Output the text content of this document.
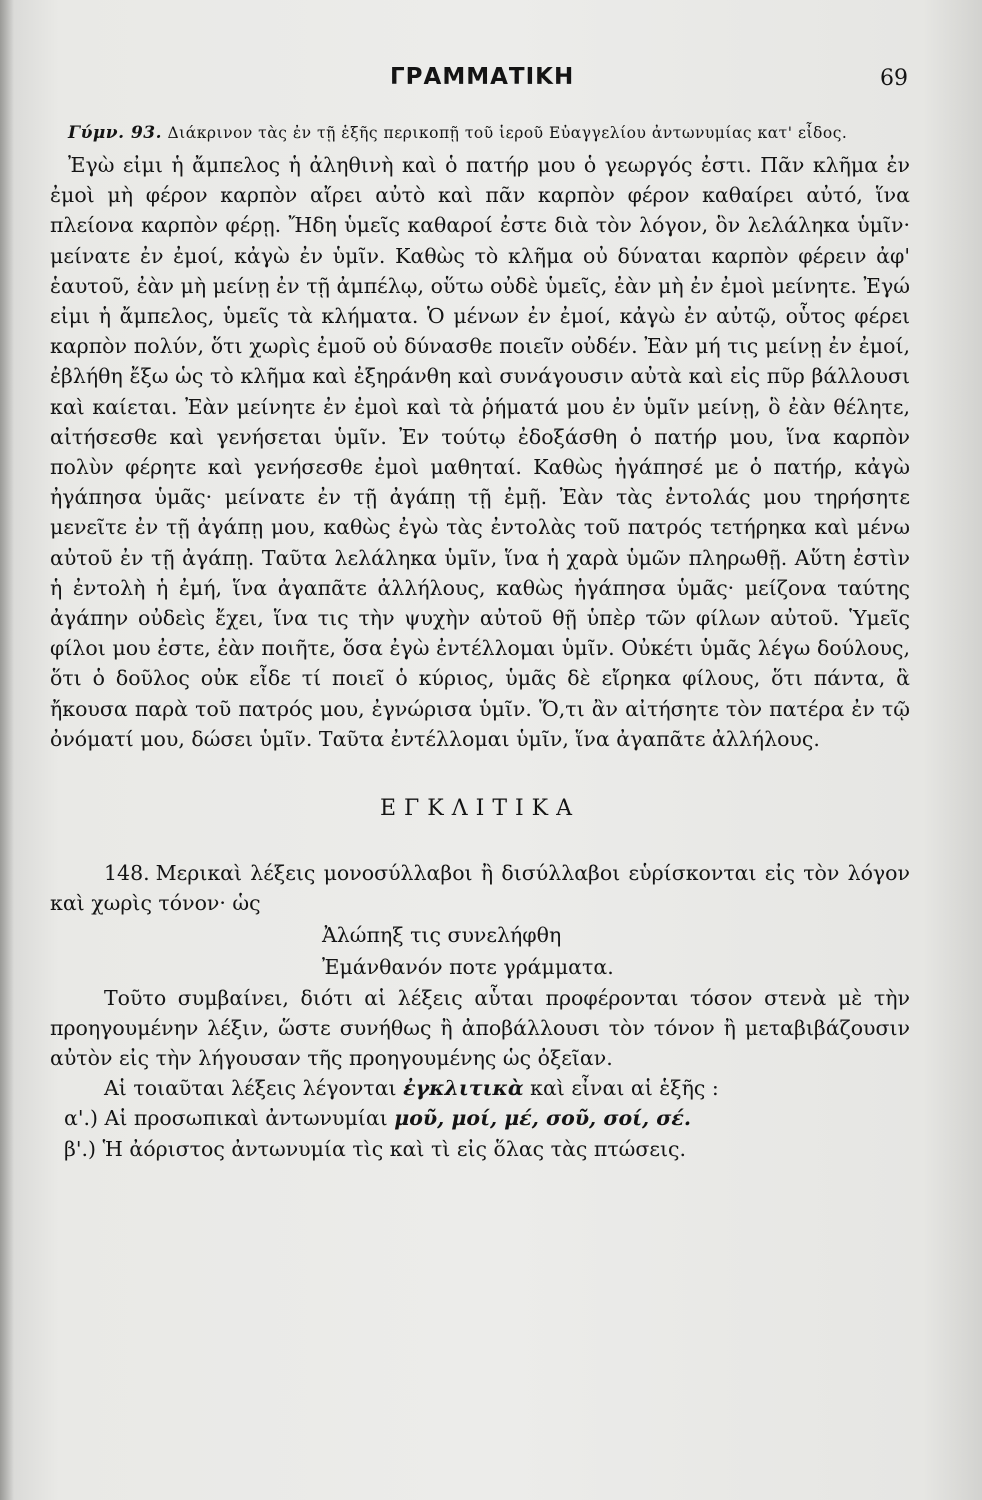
ΓΡΑΜΜΑΤΙΚΗ	69

Γύμν. 93. Διάκρινον τὰς ἐν τῇ ἑξῆς περικοπῇ τοῦ ἱεροῦ Εὐαγγελίου ἀντωνυμίας κατ' εἶδος.

Ἐγὼ εἰμι ἡ ἄμπελος ἡ ἀληθινὴ καὶ ὁ πατήρ μου ὁ γεωργός ἐστι. Πᾶν κλῆμα ἐν ἐμοὶ μὴ φέρον καρπὸν αἴρει αὐτὸ καὶ πᾶν καρπὸν φέρον καθαίρει αὐτό, ἵνα πλείονα καρπὸν φέρῃ. Ἤδη ὑμεῖς καθαροί ἐστε διὰ τὸν λόγον, ὃν λελάληκα ὑμῖν· μείνατε ἐν ἐμοί, κἀγὼ ἐν ὑμῖν. Καθὼς τὸ κλῆμα οὐ δύναται καρπὸν φέρειν ἀφ' ἑαυτοῦ, ἐὰν μὴ μείνῃ ἐν τῇ ἀμπέλῳ, οὕτω οὐδὲ ὑμεῖς, ἐὰν μὴ ἐν ἐμοὶ μείνητε. Ἐγώ εἰμι ἡ ἄμπελος, ὑμεῖς τὰ κλήματα. Ὁ μένων ἐν ἐμοί, κἀγὼ ἐν αὐτῷ, οὗτος φέρει καρπὸν πολύν, ὅτι χωρὶς ἐμοῦ οὐ δύνασθε ποιεῖν οὐδέν. Ἐὰν μή τις μείνῃ ἐν ἐμοί, ἐβλήθη ἔξω ὡς τὸ κλῆμα καὶ ἐξηράνθη καὶ συνάγουσιν αὐτὰ καὶ εἰς πῦρ βάλλουσι καὶ καίεται. Ἐὰν μείνητε ἐν ἐμοὶ καὶ τὰ ῥήματά μου ἐν ὑμῖν μείνῃ, ὃ ἐὰν θέλητε, αἰτήσεσθε καὶ γενήσεται ὑμῖν. Ἐν τούτῳ ἐδοξάσθη ὁ πατήρ μου, ἵνα καρπὸν πολὺν φέρητε καὶ γενήσεσθε ἐμοὶ μαθηταί. Καθὼς ἠγάπησέ με ὁ πατήρ, κἀγὼ ἠγάπησα ὑμᾶς· μείνατε ἐν τῇ ἀγάπῃ τῇ ἐμῇ. Ἐὰν τὰς ἐντολάς μου τηρήσητε μενεῖτε ἐν τῇ ἀγάπῃ μου, καθὼς ἐγὼ τὰς ἐντολὰς τοῦ πατρός τετήρηκα καὶ μένω αὐτοῦ ἐν τῇ ἀγάπῃ. Ταῦτα λελάληκα ὑμῖν, ἵνα ἡ χαρὰ ὑμῶν πληρωθῇ. Αὕτη ἐστὶν ἡ ἐντολὴ ἡ ἐμή, ἵνα ἀγαπᾶτε ἀλλήλους, καθὼς ἠγάπησα ὑμᾶς· μείζονα ταύτης ἀγάπην οὐδεὶς ἔχει, ἵνα τις τὴν ψυχὴν αὐτοῦ θῇ ὑπὲρ τῶν φίλων αὐτοῦ. Ὑμεῖς φίλοι μου ἐστε, ἐὰν ποιῆτε, ὅσα ἐγὼ ἐντέλλομαι ὑμῖν. Οὐκέτι ὑμᾶς λέγω δούλους, ὅτι ὁ δοῦλος οὐκ εἶδε τί ποιεῖ ὁ κύριος, ὑμᾶς δὲ εἴρηκα φίλους, ὅτι πάντα, ἃ ἤκουσα παρὰ τοῦ πατρός μου, ἐγνώρισα ὑμῖν. Ὅ,τι ἂν αἰτήσητε τὸν πατέρα ἐν τῷ ὀνόματί μου, δώσει ὑμῖν. Ταῦτα ἐντέλλομαι ὑμῖν, ἵνα ἀγαπᾶτε ἀλλήλους.

ΕΓΚΛΙΤΙΚΑ

148. Μερικαὶ λέξεις μονοσύλλαβοι ἢ δισύλλαβοι εὑρίσκονται εἰς τὸν λόγον καὶ χωρὶς τόνον· ὡς

Ἀλώπηξ τις συνελήφθη

Ἐμάνθανόν ποτε γράμματα.

Τοῦτο συμβαίνει, διότι αἱ λέξεις αὗται προφέρονται τόσον στενὰ μὲ τὴν προηγουμένην λέξιν, ὥστε συνήθως ἢ ἀποβάλλουσι τὸν τόνον ἢ μεταβιβάζουσιν αὐτὸν εἰς τὴν λήγουσαν τῆς προηγουμένης ὡς ὀξεῖαν.

Αἱ τοιαῦται λέξεις λέγονται ἐγκλιτικὰ καὶ εἶναι αἱ ἑξῆς :

α'.) Αἱ προσωπικαὶ ἀντωνυμίαι μοῦ, μοί, μέ, σοῦ, σοί, σέ.

β'.) Ἡ ἀόριστος ἀντωνυμία τὶς καὶ τὶ εἰς ὅλας τὰς πτώσεις.
